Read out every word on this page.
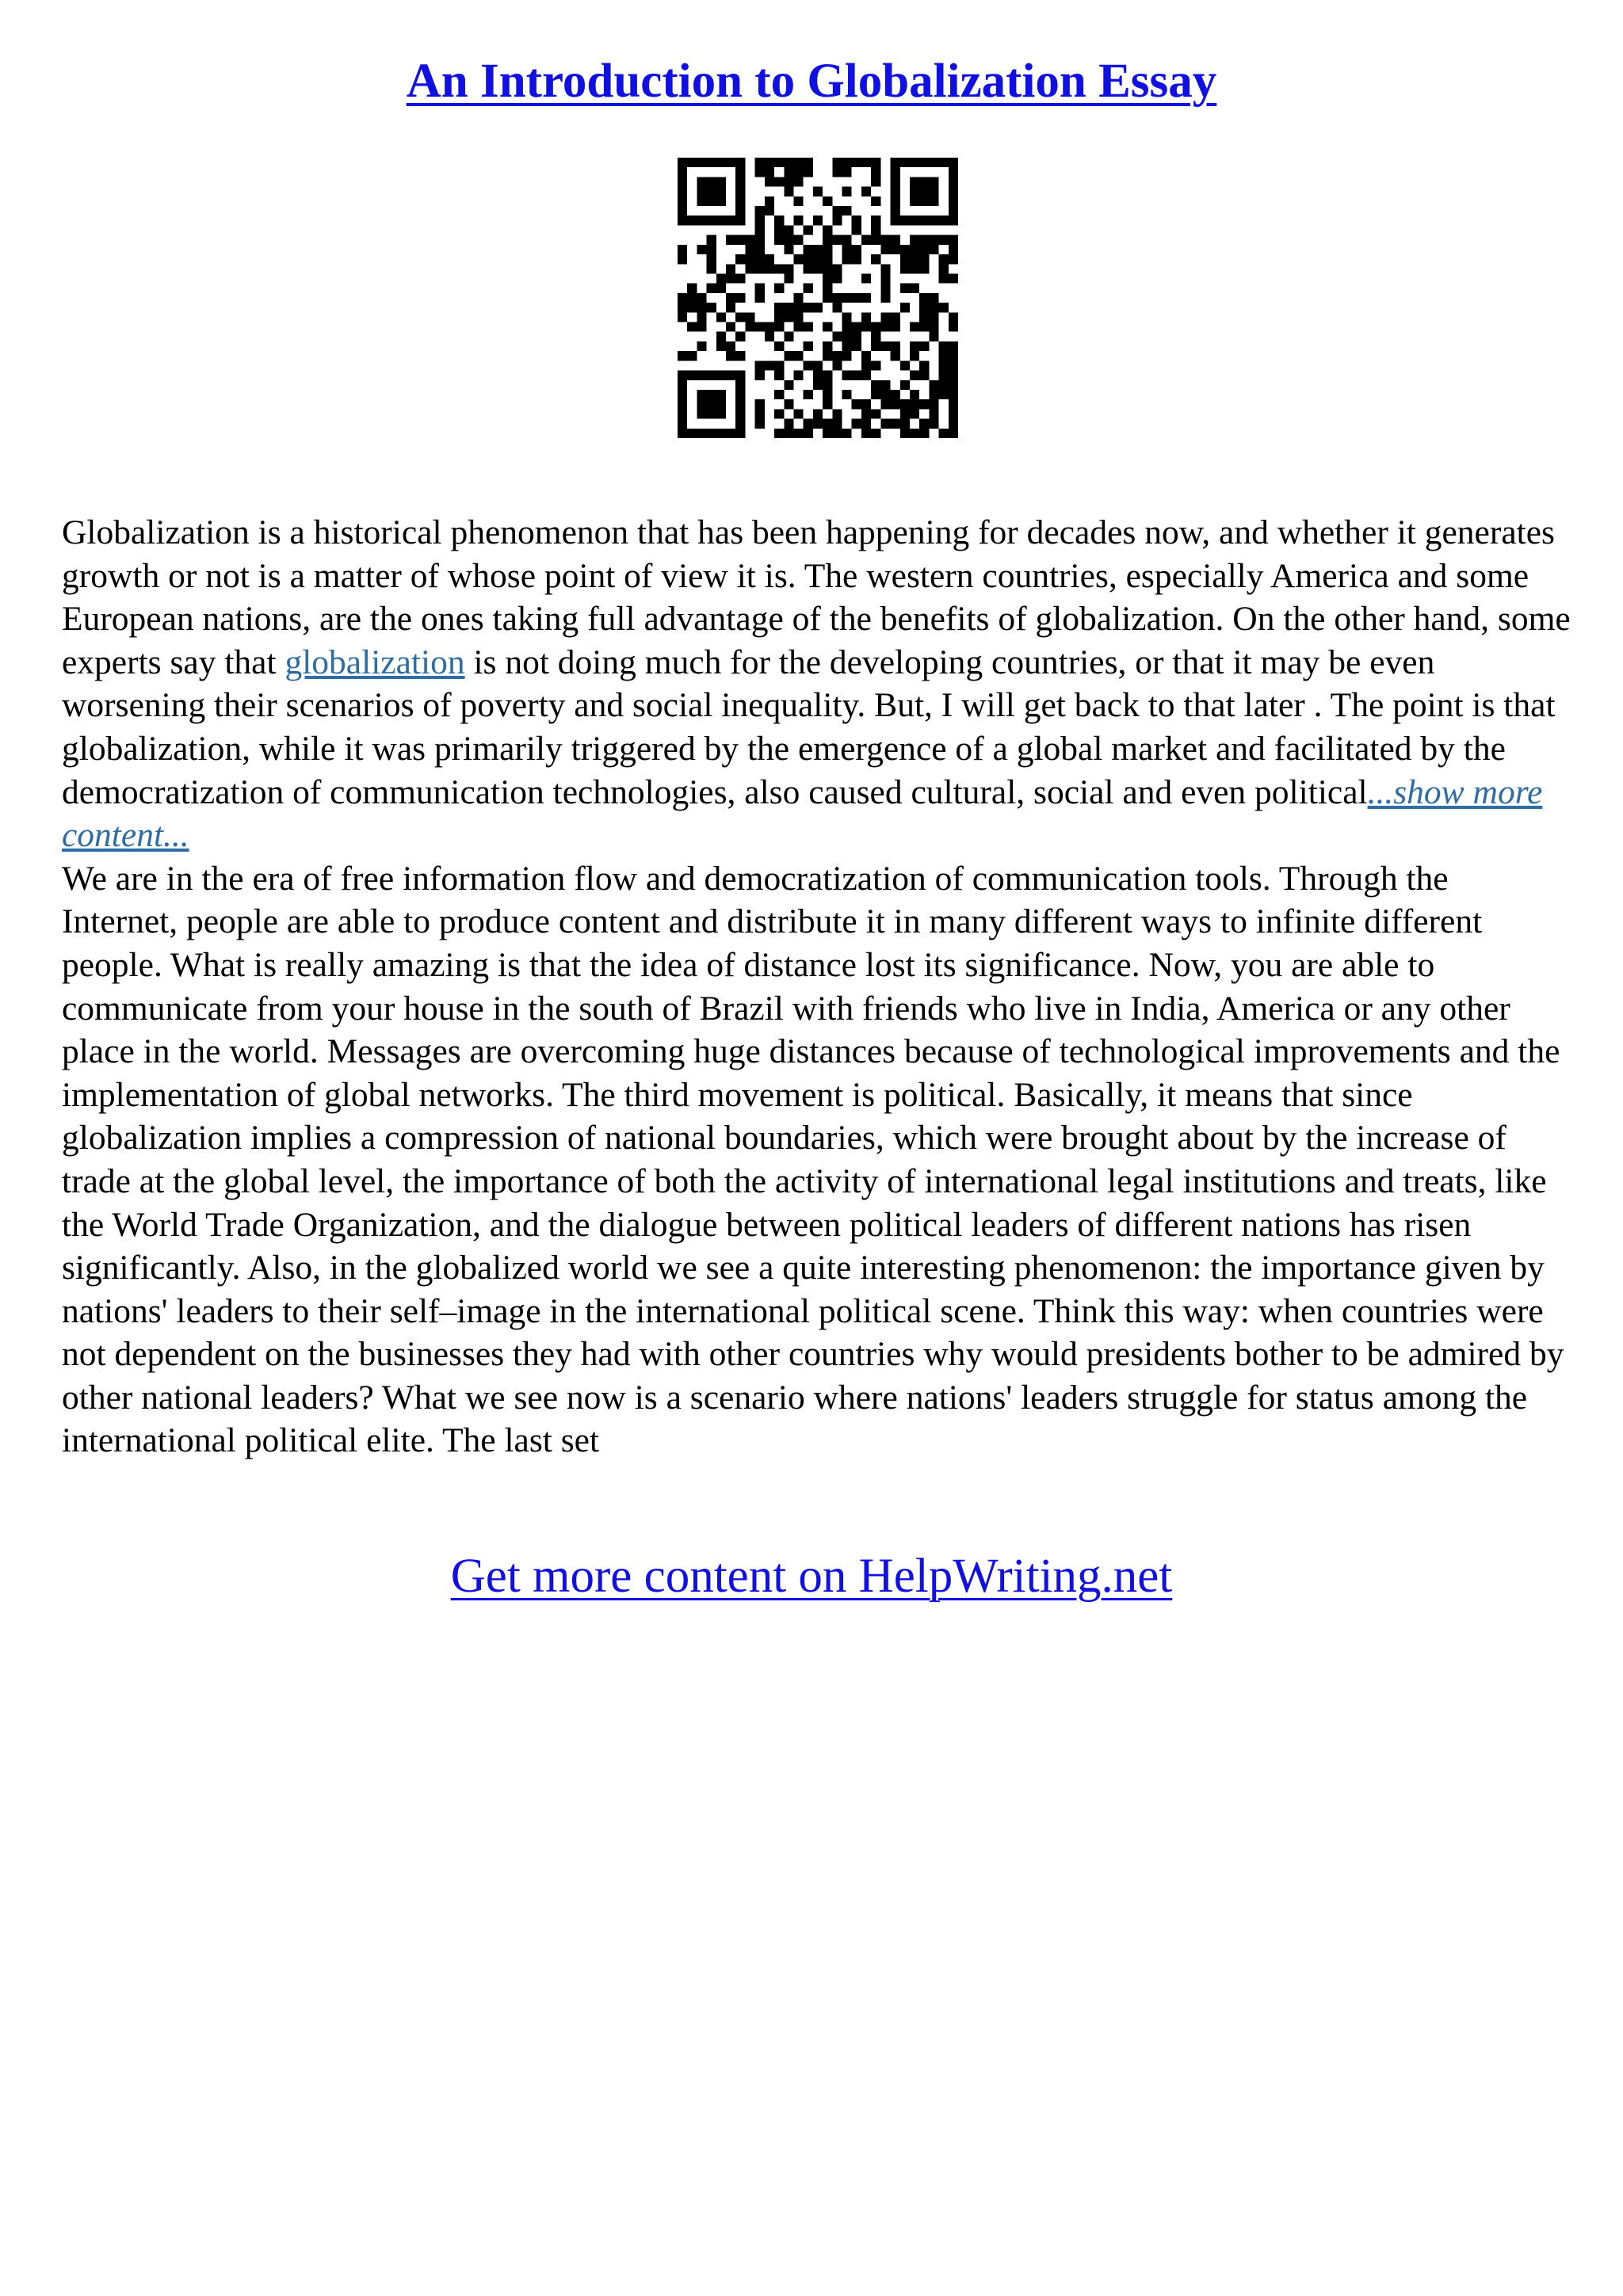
An Introduction to Globalization Essay

Globalization is a historical phenomenon that has been happening for decades now, and whether it generates growth or not is a matter of whose point of view it is. The western countries, especially America and some European nations, are the ones taking full advantage of the benefits of globalization. On the other hand, some experts say that globalization is not doing much for the developing countries, or that it may be even worsening their scenarios of poverty and social inequality. But, I will get back to that later . The point is that globalization, while it was primarily triggered by the emergence of a global market and facilitated by the democratization of communication technologies, also caused cultural, social and even political...show more content...
We are in the era of free information flow and democratization of communication tools. Through the Internet, people are able to produce content and distribute it in many different ways to infinite different people. What is really amazing is that the idea of distance lost its significance. Now, you are able to communicate from your house in the south of Brazil with friends who live in India, America or any other place in the world. Messages are overcoming huge distances because of technological improvements and the implementation of global networks. The third movement is political. Basically, it means that since globalization implies a compression of national boundaries, which were brought about by the increase of trade at the global level, the importance of both the activity of international legal institutions and treats, like the World Trade Organization, and the dialogue between political leaders of different nations has risen significantly. Also, in the globalized world we see a quite interesting phenomenon: the importance given by nations' leaders to their self–image in the international political scene. Think this way: when countries were not dependent on the businesses they had with other countries why would presidents bother to be admired by other national leaders? What we see now is a scenario where nations' leaders struggle for status among the international political elite. The last set

Get more content on HelpWriting.net
